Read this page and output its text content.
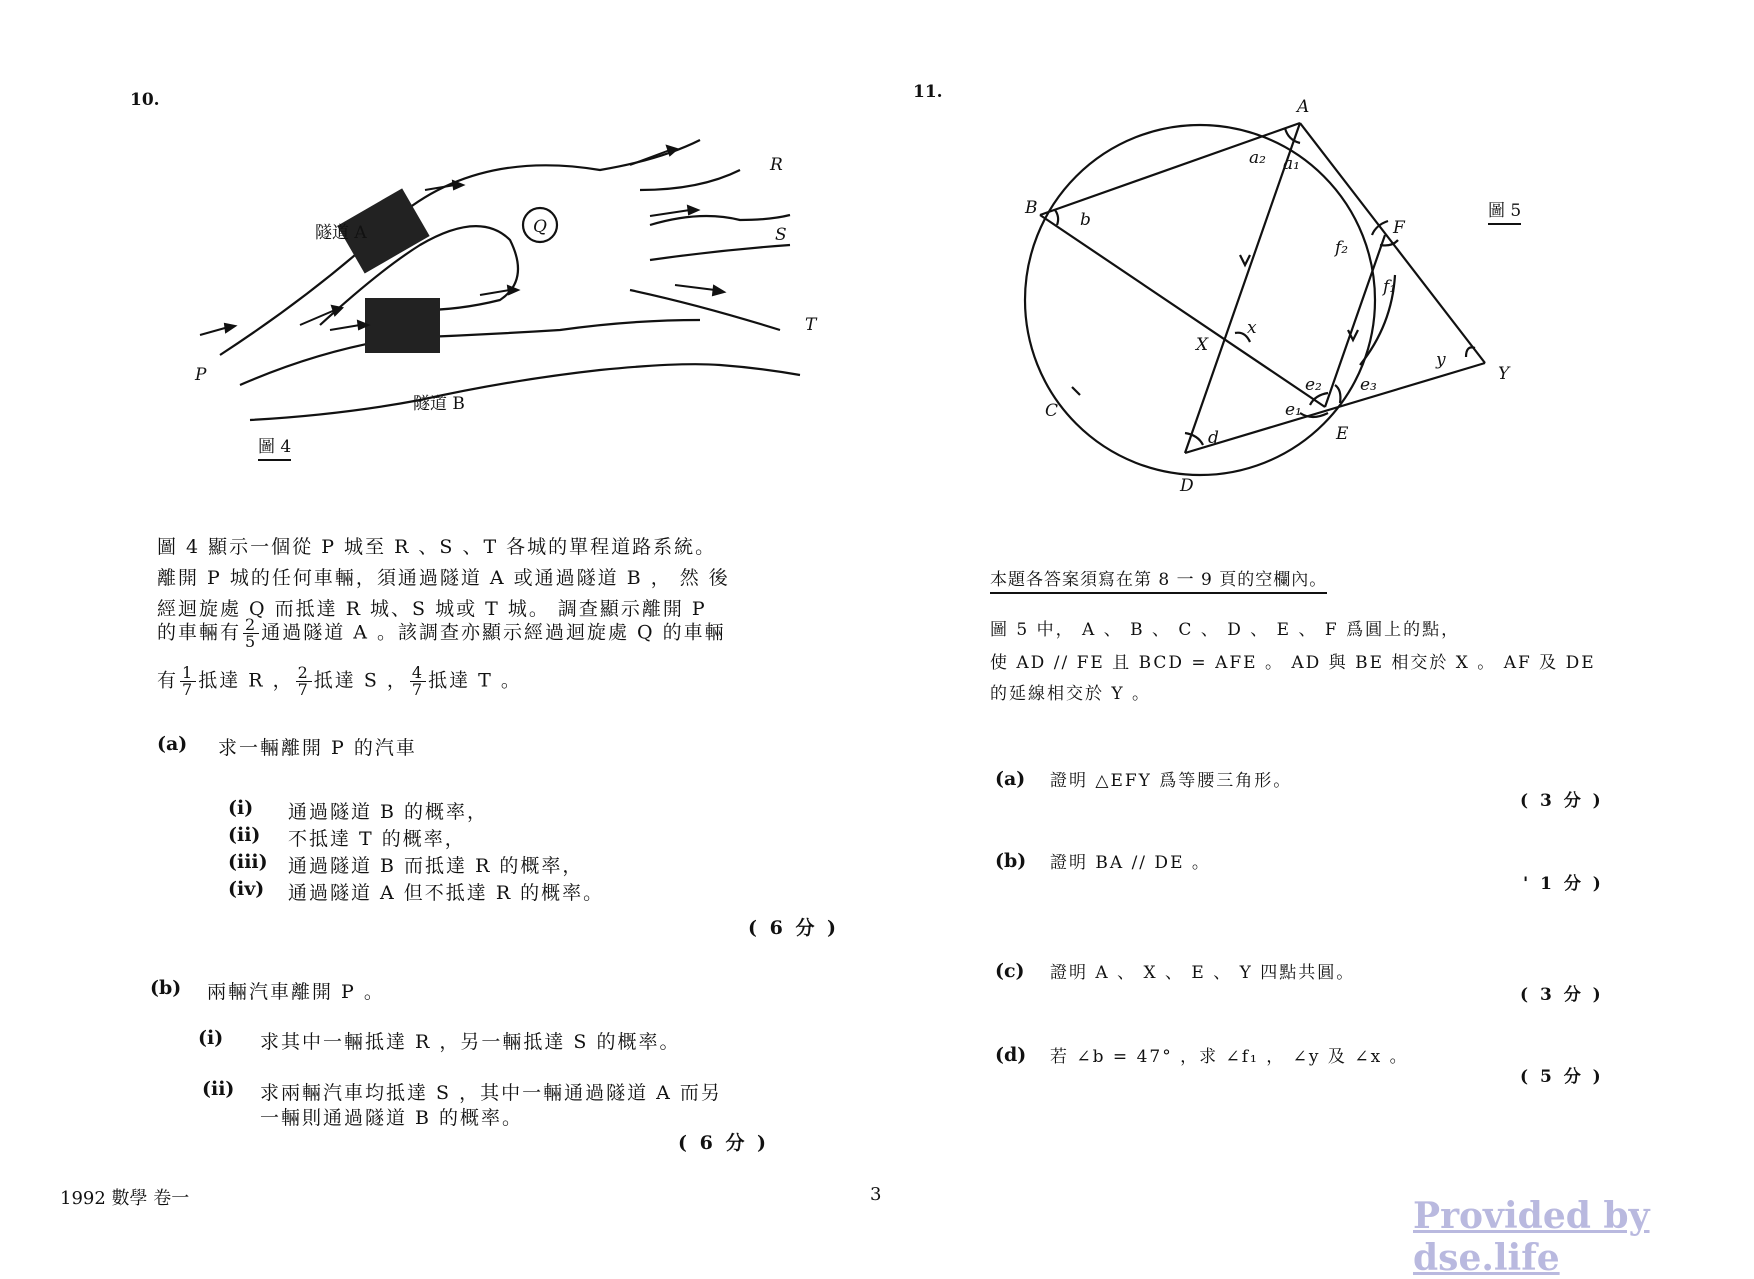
10.
隧道 A
隧道 B
P
Q
R
S
T
圖 4
圖 4 顯示一個從 P 城至 R 、S 、T 各城的單程道路系統。
離開 P 城的任何車輛，須通過隧道 A 或通過隧道 B ， 然 後
經迴旋處 Q 而抵達 R 城、S 城或 T 城。 調查顯示離開 P
的車輛有 $\frac{2}{5}$ 通過隧道 A 。該調查亦顯示經過迴旋處 Q 的車輛
有 $\frac{1}{7}$ 抵達 R ， $\frac{2}{7}$ 抵達 S ， $\frac{4}{7}$ 抵達 T 。
(a) 求一輛離開 P 的汽車
(i) 通過隧道 B 的概率，
(ii) 不抵達 T 的概率，
(iii) 通過隧道 B 而抵達 R 的概率，
(iv) 通過隧道 A 但不抵達 R 的概率。
( 6 分 )
(b) 兩輛汽車離開 P 。
(i) 求其中一輛抵達 R ，另一輛抵達 S 的概率。
(ii) 求兩輛汽車均抵達 S ，其中一輛通過隧道 A 而另
一輛則通過隧道 B 的概率。
( 6 分 )
11.
A
B
C
D
E
F
X
Y
a₂ a₁
b
x
d
e₁
e₂ e₃
f₂
f₁
y
圖 5
本題各答案須寫在第 8 一 9 頁的空欄內。
圖 5 中， A 、 B 、 C 、 D 、 E 、 F 爲圓上的點，
使 AD // FE 且 BCD = AFE 。 AD 與 BE 相交於 X 。 AF 及 DE
的延線相交於 Y 。
(a) 證明 △EFY 爲等腰三角形。
( 3 分 )
(b) 證明 BA // DE 。
' 1 分 )
(c) 證明 A 、 X 、 E 、 Y 四點共圓。
( 3 分 )
(d) 若 ∠b = 47° ，求 ∠f₁ ， ∠y 及 ∠x 。
( 5 分 )
1992 數學 卷一	3
Provided by dse.life
